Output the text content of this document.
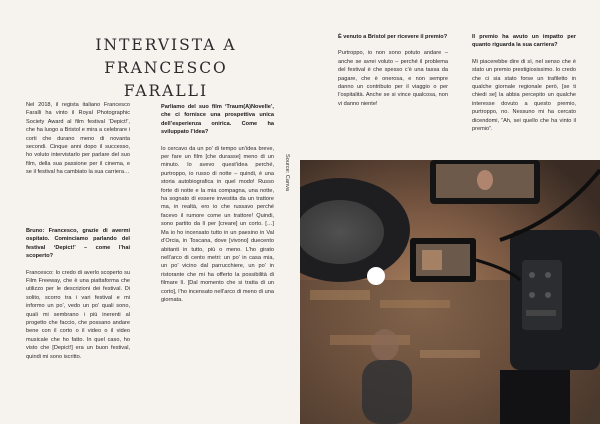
INTERVISTA A
FRANCESCO FARALLI

Nel 2018, il regista italiano Francesco Faralli ha vinto il Royal Photographic Society Award al film festival ‘Depict!’, che ha luogo a Bristol e mira a celebrare i corti che durano meno di novanta secondi. Cinque anni dopo il successo, ho voluto intervistarlo per parlare del suo film, della sua passione per il cinema, e se il festival ha cambiato la sua carriera…

Bruno: Francesco, grazie di avermi ospitato. Cominciamo parlando del festival ‘Depict!’ – come l’hai scoperto?

Francesco: Io credo di averlo scoperto su Film Freeway, che è una piattaforma che utilizzo per le descrizioni dei festival. Di solito, scorro tra i vari festival e mi informo un po’, vedo un po’ quali sono, quali mi sembrano i più inerenti al progetto che faccio, che possano andare bene con il corto o il video o il video musicale che ho fatto. In quel caso, ho visto che [Depict!] era un buon festival, quindi mi sono iscritto.

Parliamo del suo film ‘Traum(A)Novelle’, che ci fornisce una prospettiva unica dell’esperienza onirica. Come ha sviluppato l’idea?

Io cercavo da un po’ di tempo un’idea breve, per fare un film [che durasse] meno di un minuto. Io avevo quest’idea perché, purtroppo, io russo di notte – quindi, è una storia autobiografica in quel modo! Russo forte di notte e la mia compagna, una notte, ha sognato di essere investita da un trattore ma, in realtà, ero io che russavo perché facevo il rumore come un trattore! Quindi, sono partito da lì per [creare] un corto. […] Ma io ho incensato tutto in un paesino in Val d’Orcia, in Toscana, dove [vivono] duecento abitanti in tutto, più o meno. L’ho girato nell’arco di cento metri: un po’ in casa mia, un po’ vicino dal parrucchiere, un po’ in ristorante che mi ha offerto la possibilità di filmare lì. [Dal momento che si tratta di un corto], l’ho incensato nell’arco di meno di una giornata.

È venuto a Bristol per ricevere il premio?

Purtroppo, io non sono potuto andare – anche se avrei voluto – perché il problema del festival è che spesso c’è una tassa da pagare, che è onerosa, e non sempre danno un contributo per il viaggio o per l’ospitalità. Anche se si vince qualcosa, non vi danno niente!

Il premio ha avuto un impatto per quanto riguarda la sua carriera?

Mi piacerebbe dire di sì, nel senso che è stato un premio prestigiosissimo. Io credo che ci sia stato forse un trafiletto in qualche giornale regionale però, [se ti chiedi se] la abbia percepito un qualche interesse dovuto a questo premio, purtroppo, no. Nessuno mi ha cercato dicendomi, “Ah, sei quello che ha vinto il premio”.

Source: Canva
